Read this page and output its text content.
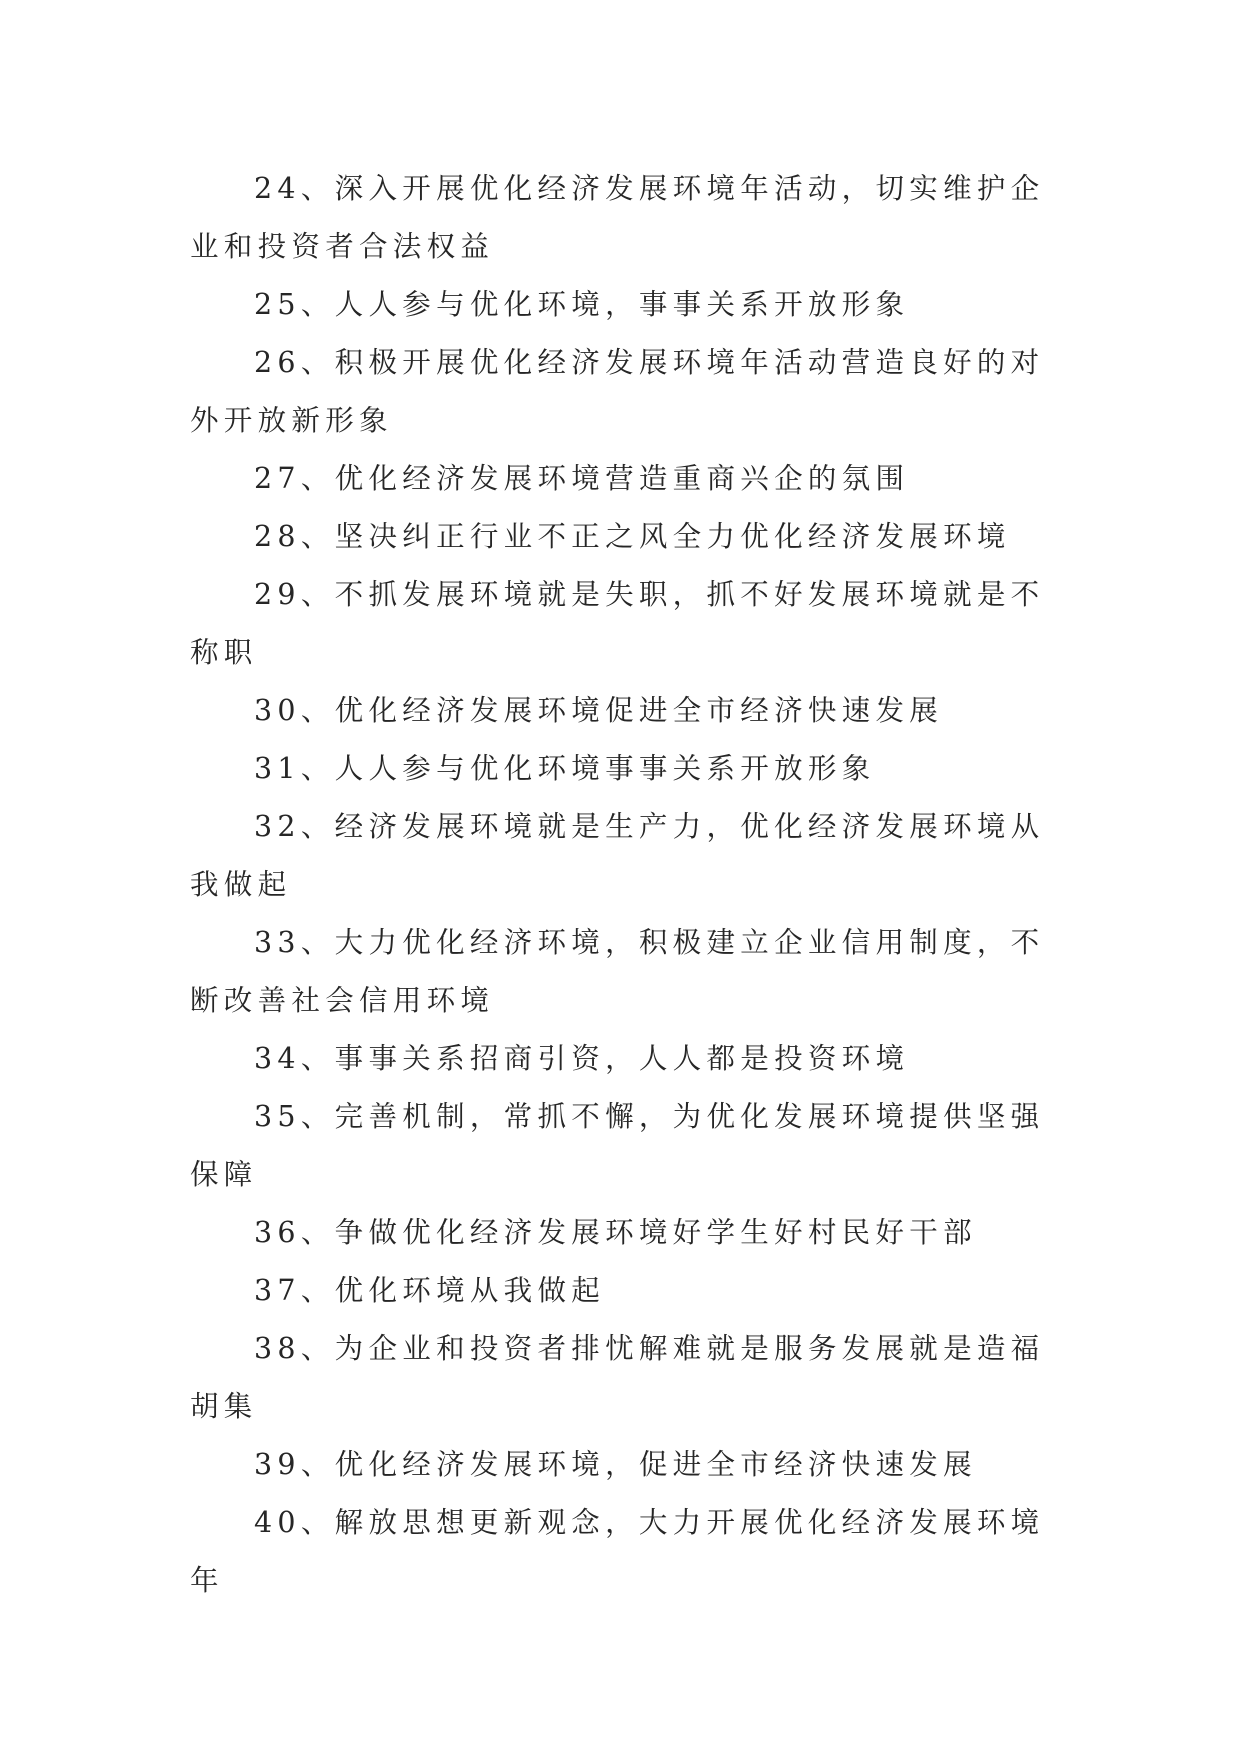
24、深入开展优化经济发展环境年活动，切实维护企业和投资者合法权益

25、人人参与优化环境，事事关系开放形象

26、积极开展优化经济发展环境年活动营造良好的对外开放新形象

27、优化经济发展环境营造重商兴企的氛围

28、坚决纠正行业不正之风全力优化经济发展环境

29、不抓发展环境就是失职，抓不好发展环境就是不称职

30、优化经济发展环境促进全市经济快速发展

31、人人参与优化环境事事关系开放形象

32、经济发展环境就是生产力，优化经济发展环境从我做起

33、大力优化经济环境，积极建立企业信用制度，不断改善社会信用环境

34、事事关系招商引资，人人都是投资环境

35、完善机制，常抓不懈，为优化发展环境提供坚强保障

36、争做优化经济发展环境好学生好村民好干部

37、优化环境从我做起

38、为企业和投资者排忧解难就是服务发展就是造福胡集

39、优化经济发展环境，促进全市经济快速发展

40、解放思想更新观念，大力开展优化经济发展环境年
